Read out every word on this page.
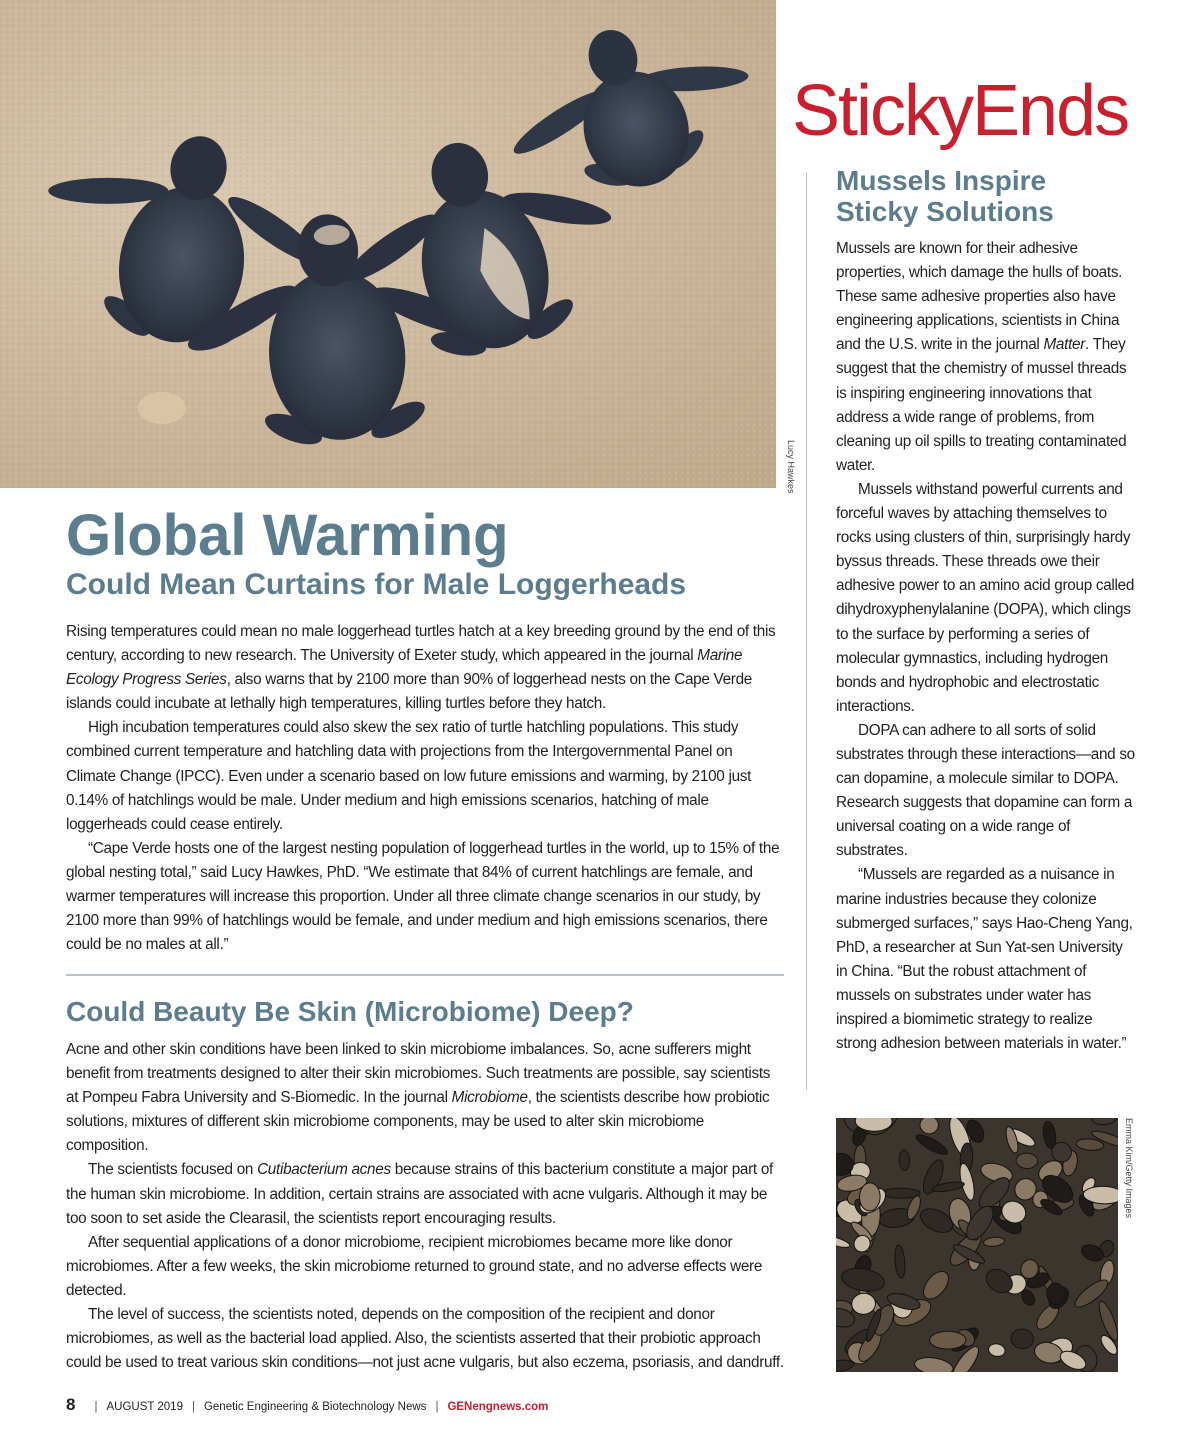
Lucy Hawkes
StickyEnds
Global Warming
Could Mean Curtains for Male Loggerheads

Rising temperatures could mean no male loggerhead turtles hatch at a key breeding ground by the end of this century, according to new research. The University of Exeter study, which appeared in the journal Marine Ecology Progress Series, also warns that by 2100 more than 90% of loggerhead nests on the Cape Verde islands could incubate at lethally high temperatures, killing turtles before they hatch.

High incubation temperatures could also skew the sex ratio of turtle hatchling populations. This study combined current temperature and hatchling data with projections from the Intergovernmental Panel on Climate Change (IPCC). Even under a scenario based on low future emissions and warming, by 2100 just 0.14% of hatchlings would be male. Under medium and high emissions scenarios, hatching of male loggerheads could cease entirely.

“Cape Verde hosts one of the largest nesting population of loggerhead turtles in the world, up to 15% of the global nesting total,” said Lucy Hawkes, PhD. “We estimate that 84% of current hatchlings are female, and warmer temperatures will increase this proportion. Under all three climate change scenarios in our study, by 2100 more than 99% of hatchlings would be female, and under medium and high emissions scenarios, there could be no males at all.”

Could Beauty Be Skin (Microbiome) Deep?

Acne and other skin conditions have been linked to skin microbiome imbalances. So, acne sufferers might benefit from treatments designed to alter their skin microbiomes. Such treatments are possible, say scientists at Pompeu Fabra University and S-Biomedic. In the journal Microbiome, the scientists describe how probiotic solutions, mixtures of different skin microbiome components, may be used to alter skin microbiome composition.

The scientists focused on Cutibacterium acnes because strains of this bacterium constitute a major part of the human skin microbiome. In addition, certain strains are associated with acne vulgaris. Although it may be too soon to set aside the Clearasil, the scientists report encouraging results.

After sequential applications of a donor microbiome, recipient microbiomes became more like donor microbiomes. After a few weeks, the skin microbiome returned to ground state, and no adverse effects were detected.

The level of success, the scientists noted, depends on the composition of the recipient and donor microbiomes, as well as the bacterial load applied. Also, the scientists asserted that their probiotic approach could be used to treat various skin conditions—not just acne vulgaris, but also eczema, psoriasis, and dandruff.

Mussels Inspire Sticky Solutions

Mussels are known for their adhesive properties, which damage the hulls of boats. These same adhesive properties also have engineering applications, scientists in China and the U.S. write in the journal Matter. They suggest that the chemistry of mussel threads is inspiring engineering innovations that address a wide range of problems, from cleaning up oil spills to treating contaminated water.

Mussels withstand powerful currents and forceful waves by attaching themselves to rocks using clusters of thin, surprisingly hardy byssus threads. These threads owe their adhesive power to an amino acid group called dihydroxyphenylalanine (DOPA), which clings to the surface by performing a series of molecular gymnastics, including hydrogen bonds and hydrophobic and electrostatic interactions.

DOPA can adhere to all sorts of solid substrates through these interactions—and so can dopamine, a molecule similar to DOPA. Research suggests that dopamine can form a universal coating on a wide range of substrates.

“Mussels are regarded as a nuisance in marine industries because they colonize submerged surfaces,” says Hao-Cheng Yang, PhD, a researcher at Sun Yat-sen University in China. “But the robust attachment of mussels on substrates under water has inspired a biomimetic strategy to realize strong adhesion between materials in water.”

Emma Kim/Getty Images
8 | AUGUST 2019 | Genetic Engineering & Biotechnology News | GENengnews.com
